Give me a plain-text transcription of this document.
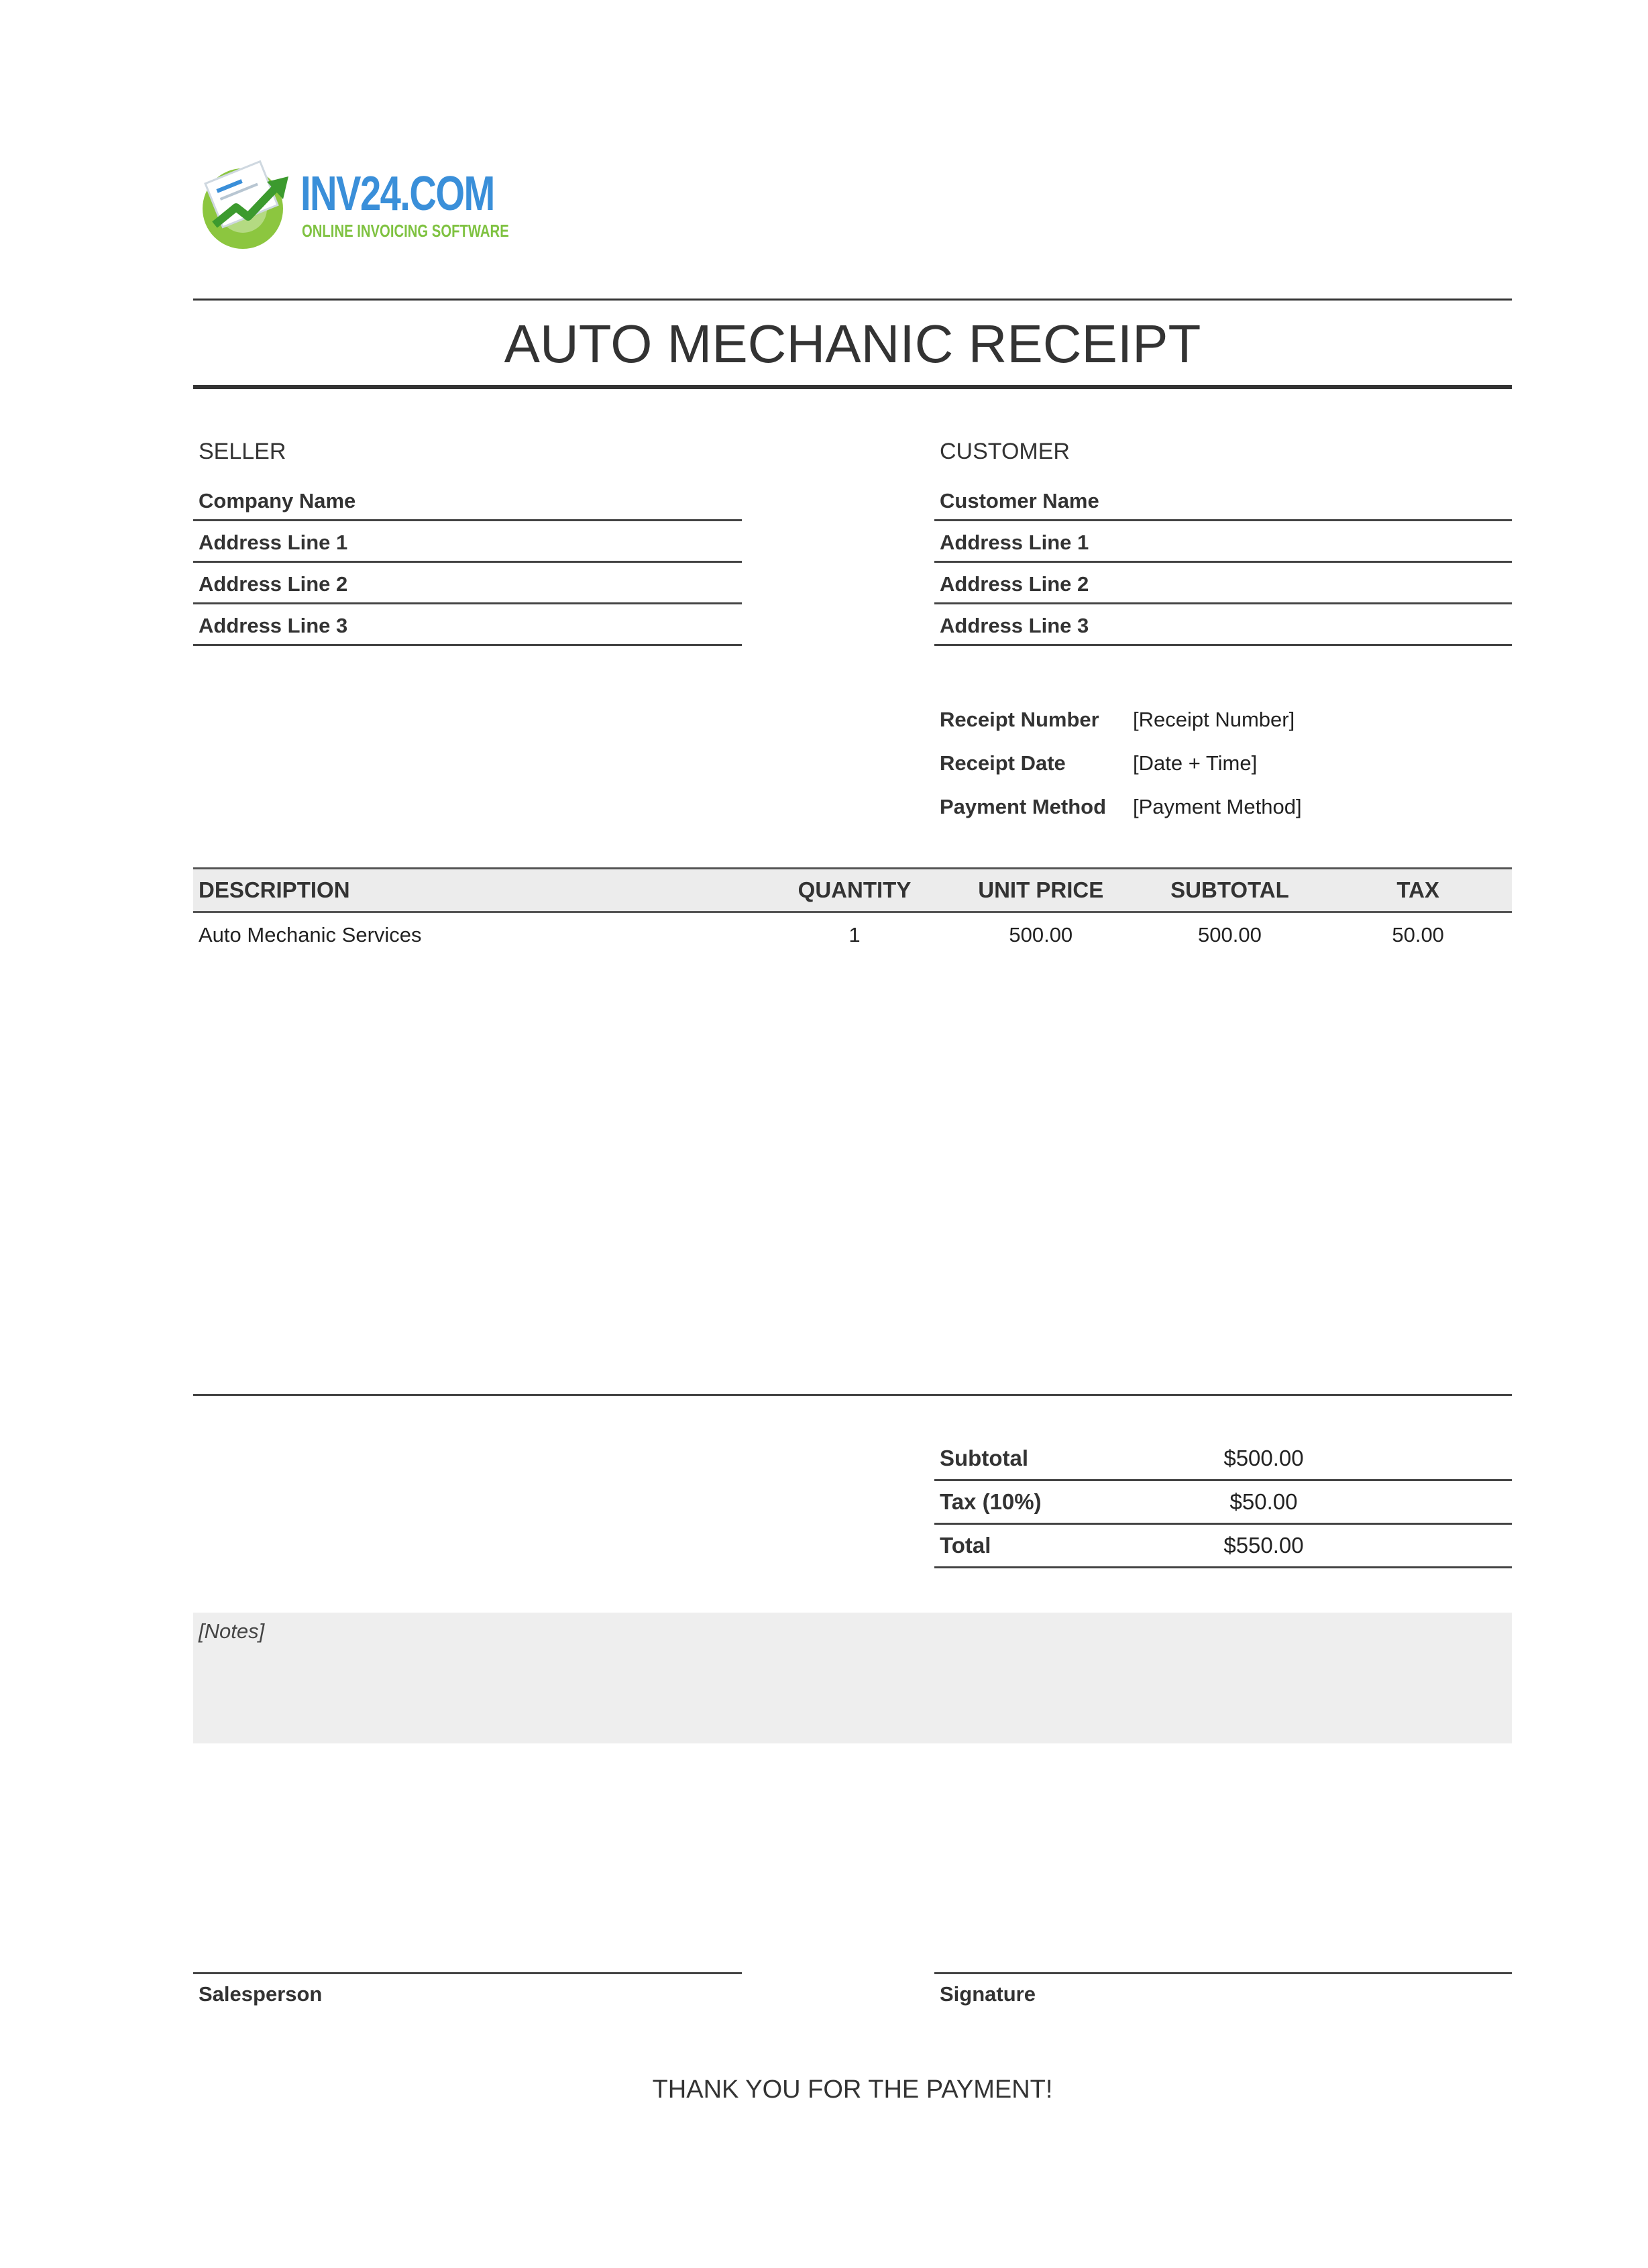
INV24.COM
ONLINE INVOICING SOFTWARE
AUTO MECHANIC RECEIPT
SELLER
Company Name
Address Line 1
Address Line 2
Address Line 3
CUSTOMER
Customer Name
Address Line 1
Address Line 2
Address Line 3
Receipt Number	[Receipt Number]
Receipt Date	[Date + Time]
Payment Method	[Payment Method]
DESCRIPTION	QUANTITY	UNIT PRICE	SUBTOTAL	TAX
Auto Mechanic Services	1	500.00	500.00	50.00
Subtotal	$500.00
Tax (10%)	$50.00
Total	$550.00
[Notes]
Salesperson	Signature
THANK YOU FOR THE PAYMENT!
